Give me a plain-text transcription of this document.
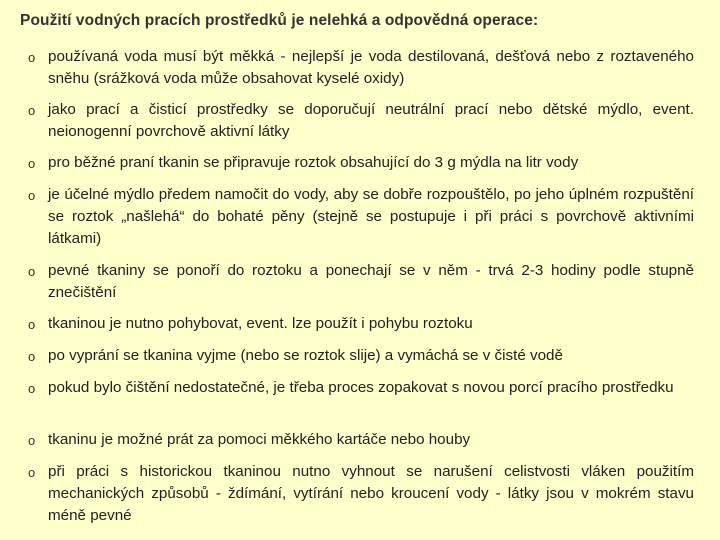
Použití vodných pracích prostředků je nelehká a odpovědná operace:
o používaná voda musí být měkká - nejlepší je voda destilovaná, dešťová nebo z roztaveného sněhu (srážková voda může obsahovat kyselé oxidy)
o jako prací a čisticí prostředky se doporučují neutrální prací nebo dětské mýdlo, event. neionogenní povrchově aktivní látky
o pro běžné praní tkanin se připravuje roztok obsahující do 3 g mýdla na litr vody
o je účelné mýdlo předem namočit do vody, aby se dobře rozpouštělo, po jeho úplném rozpuštění se roztok „našlehá“ do bohaté pěny (stejně se postupuje i při práci s povrchově aktivními látkami)
o pevné tkaniny se ponoří do roztoku a ponechají se v něm - trvá 2-3 hodiny podle stupně znečištění
o tkaninou je nutno pohybovat, event. lze použít i pohybu roztoku
o po vyprání se tkanina vyjme (nebo se roztok slije) a vymáchá se v čisté vodě
o pokud bylo čištění nedostatečné, je třeba proces zopakovat s novou porcí pracího prostředku
o tkaninu je možné prát za pomoci měkkého kartáče nebo houby
o při práci s historickou tkaninou nutno vyhnout se narušení celistvosti vláken použitím mechanických způsobů - ždímání, vytírání nebo kroucení vody - látky jsou v mokrém stavu méně pevné
